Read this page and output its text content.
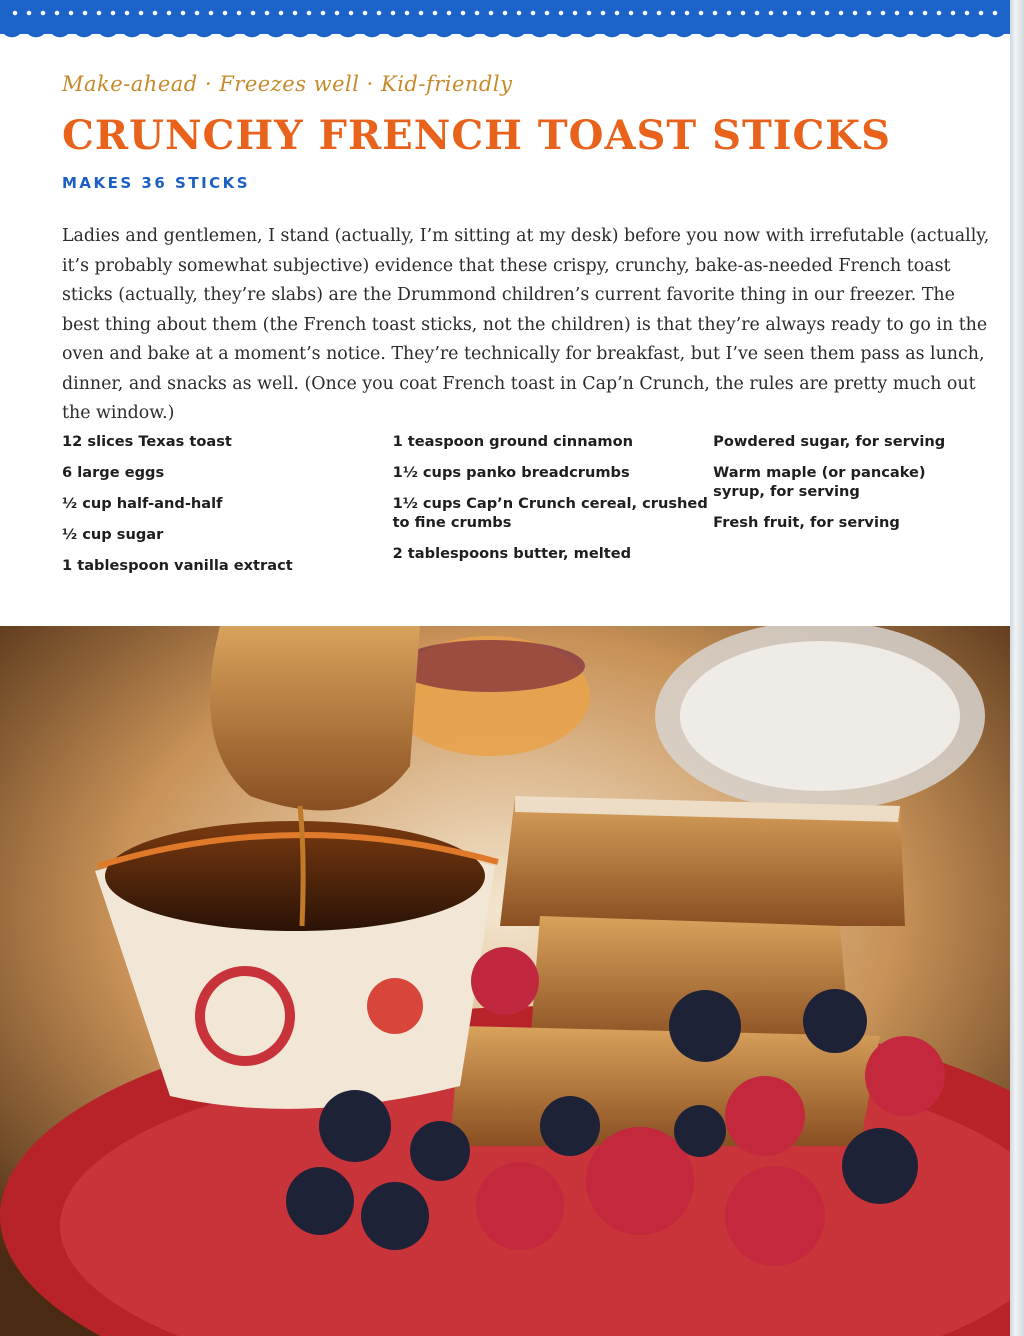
Make-ahead · Freezes well · Kid-friendly
CRUNCHY FRENCH TOAST STICKS
MAKES 36 STICKS

Ladies and gentlemen, I stand (actually, I’m sitting at my desk) before you now with irrefutable (actually, it’s probably somewhat subjective) evidence that these crispy, crunchy, bake-as-needed French toast sticks (actually, they’re slabs) are the Drummond children’s current favorite thing in our freezer. The best thing about them (the French toast sticks, not the children) is that they’re always ready to go in the oven and bake at a moment’s notice. They’re technically for breakfast, but I’ve seen them pass as lunch, dinner, and snacks as well. (Once you coat French toast in Cap’n Crunch, the rules are pretty much out the window.)

12 slices Texas toast
6 large eggs
½ cup half-and-half
½ cup sugar
1 tablespoon vanilla extract
1 teaspoon ground cinnamon
1½ cups panko breadcrumbs
1½ cups Cap’n Crunch cereal, crushed to fine crumbs
2 tablespoons butter, melted
Powdered sugar, for serving
Warm maple (or pancake) syrup, for serving
Fresh fruit, for serving
